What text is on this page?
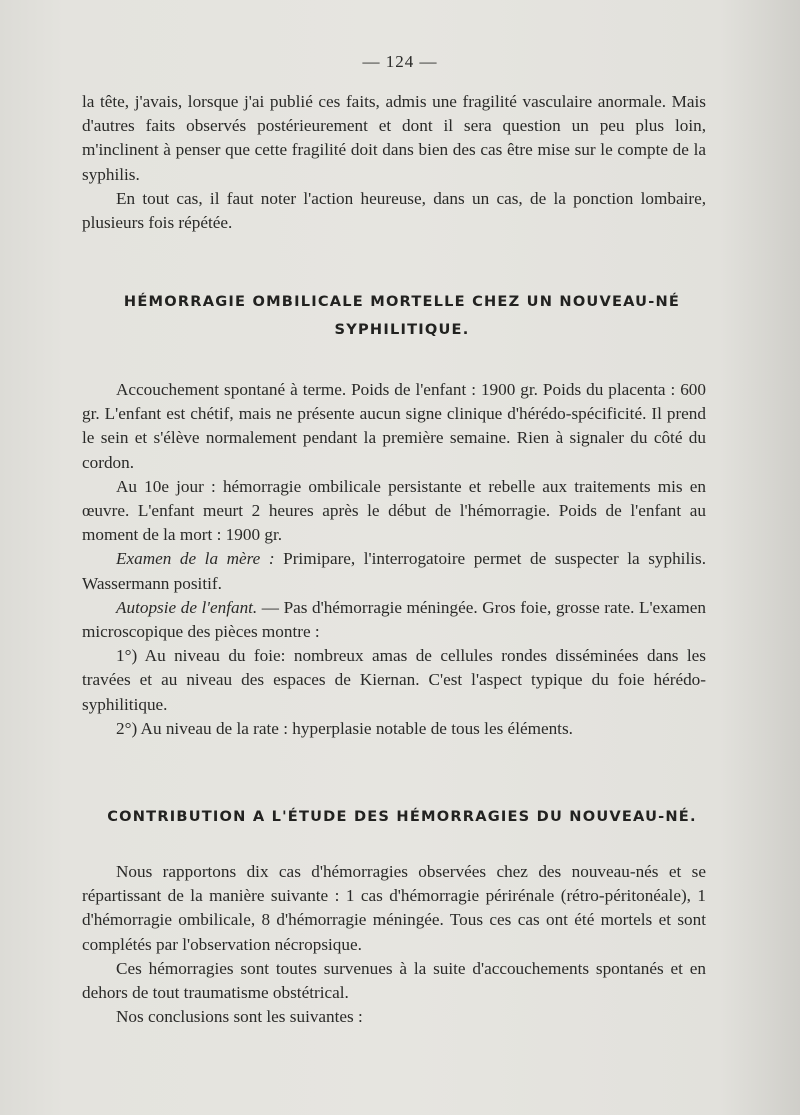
— 124 —

la tête, j'avais, lorsque j'ai publié ces faits, admis une fragilité vasculaire anormale. Mais d'autres faits observés postérieurement et dont il sera question un peu plus loin, m'inclinent à penser que cette fragilité doit dans bien des cas être mise sur le compte de la syphilis.

En tout cas, il faut noter l'action heureuse, dans un cas, de la ponction lombaire, plusieurs fois répétée.

HÉMORRAGIE OMBILICALE MORTELLE CHEZ UN NOUVEAU-NÉ
SYPHILITIQUE.

Accouchement spontané à terme. Poids de l'enfant : 1900 gr. Poids du placenta : 600 gr. L'enfant est chétif, mais ne présente aucun signe clinique d'hérédo-spécificité. Il prend le sein et s'élève normalement pendant la première semaine. Rien à signaler du côté du cordon.

Au 10e jour : hémorragie ombilicale persistante et rebelle aux traitements mis en œuvre. L'enfant meurt 2 heures après le début de l'hémorragie. Poids de l'enfant au moment de la mort : 1900 gr.

Examen de la mère : Primipare, l'interrogatoire permet de suspecter la syphilis. Wassermann positif.

Autopsie de l'enfant. — Pas d'hémorragie méningée. Gros foie, grosse rate. L'examen microscopique des pièces montre :

1°) Au niveau du foie: nombreux amas de cellules rondes disséminées dans les travées et au niveau des espaces de Kiernan. C'est l'aspect typique du foie hérédo-syphilitique.

2°) Au niveau de la rate : hyperplasie notable de tous les éléments.

CONTRIBUTION A L'ÉTUDE DES HÉMORRAGIES DU NOUVEAU-NÉ.

Nous rapportons dix cas d'hémorragies observées chez des nouveau-nés et se répartissant de la manière suivante : 1 cas d'hémorragie périrénale (rétro-péritonéale), 1 d'hémorragie ombilicale, 8 d'hémorragie méningée. Tous ces cas ont été mortels et sont complétés par l'observation nécropsique.

Ces hémorragies sont toutes survenues à la suite d'accouchements spontanés et en dehors de tout traumatisme obstétrical.

Nos conclusions sont les suivantes :
